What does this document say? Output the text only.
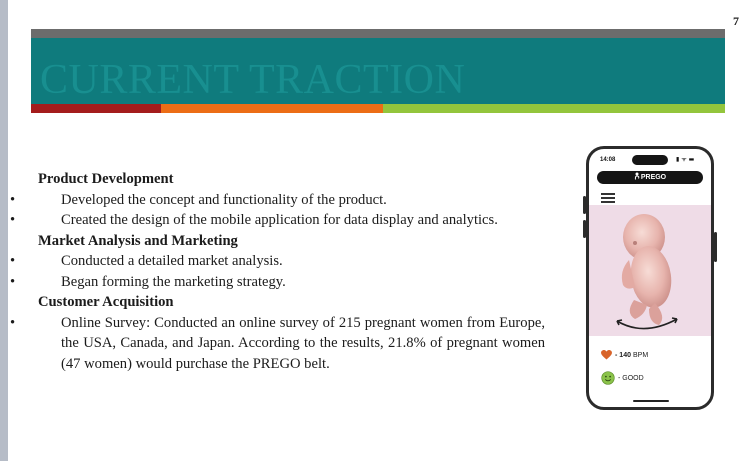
7
CURRENT TRACTION
Product Development
•	Developed the concept and functionality of the product.
•	Created the design of the mobile application for data display and analytics.
Market Analysis and Marketing
•	Conducted a detailed market analysis.
•	Began forming the marketing strategy.
Customer Acquisition
•	Online Survey: Conducted an online survey of 215 pregnant women from Europe, the USA, Canada, and Japan. According to the results, 21.8% of pregnant women (47 women) would purchase the PREGO belt.
14:08	▮ ᯤ ▬
PREGO
- 140 BPM
- GOOD
